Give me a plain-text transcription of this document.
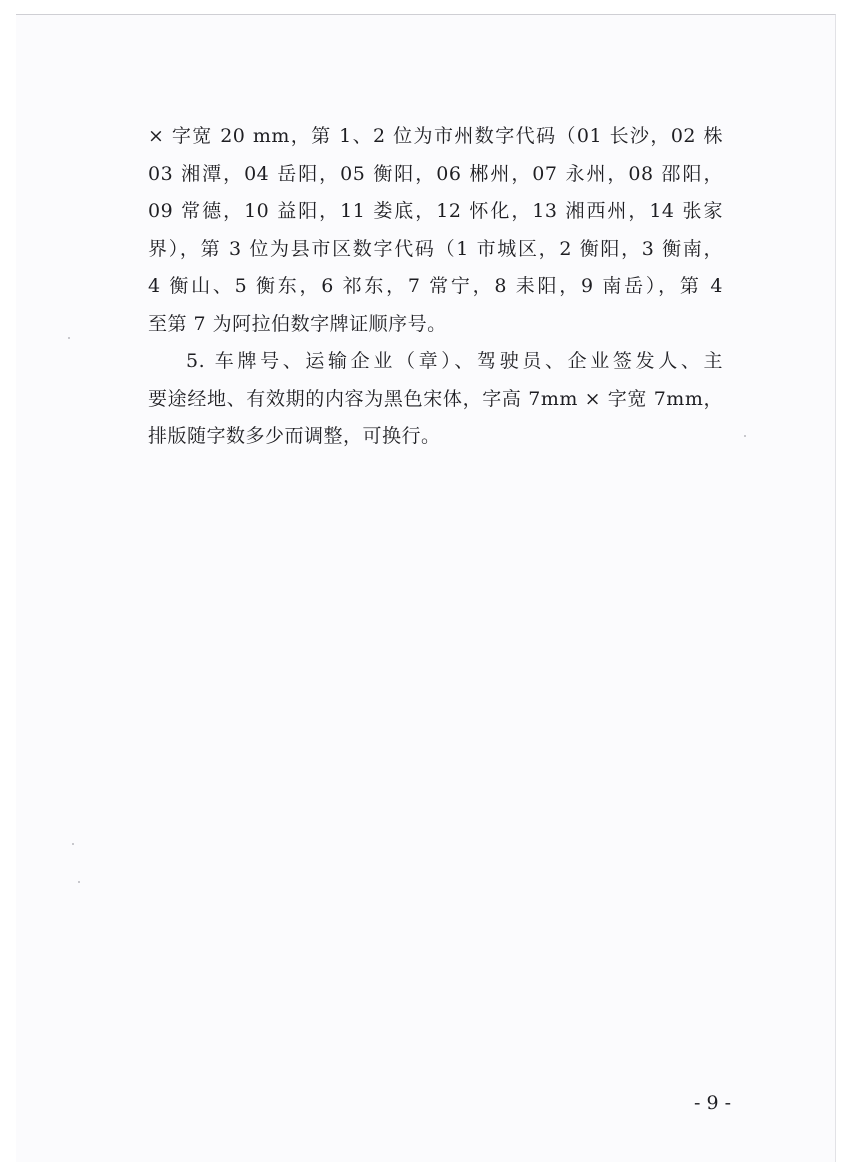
× 字宽 20 mm，第 1、2 位为市州数字代码（01 长沙，02 株
03 湘潭，04 岳阳，05 衡阳，06 郴州，07 永州，08 邵阳，
09 常德，10 益阳，11 娄底，12 怀化，13 湘西州，14 张家
界），第 3 位为县市区数字代码（1 市城区，2 衡阳，3 衡南，
4 衡山、5 衡东，6 祁东，7 常宁，8 耒阳，9 南岳），第 4
至第 7 为阿拉伯数字牌证顺序号。
5. 车牌号、运输企业（章）、驾驶员、企业签发人、主
要途经地、有效期的内容为黑色宋体，字高 7mm × 字宽 7mm，
排版随字数多少而调整，可换行。
- 9 -
